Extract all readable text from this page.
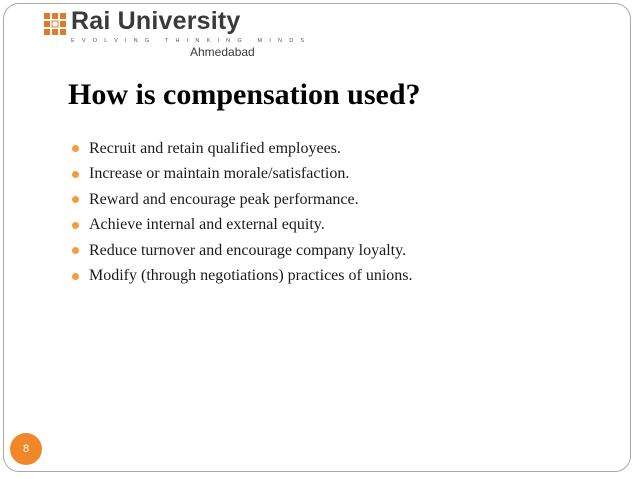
Rai University
EVOLVING THINKING MINDS
Ahmedabad
How is compensation used?
Recruit and retain qualified employees.
Increase or maintain morale/satisfaction.
Reward and encourage peak performance.
Achieve internal and external equity.
Reduce turnover and encourage company loyalty.
Modify (through negotiations) practices of unions.
8
